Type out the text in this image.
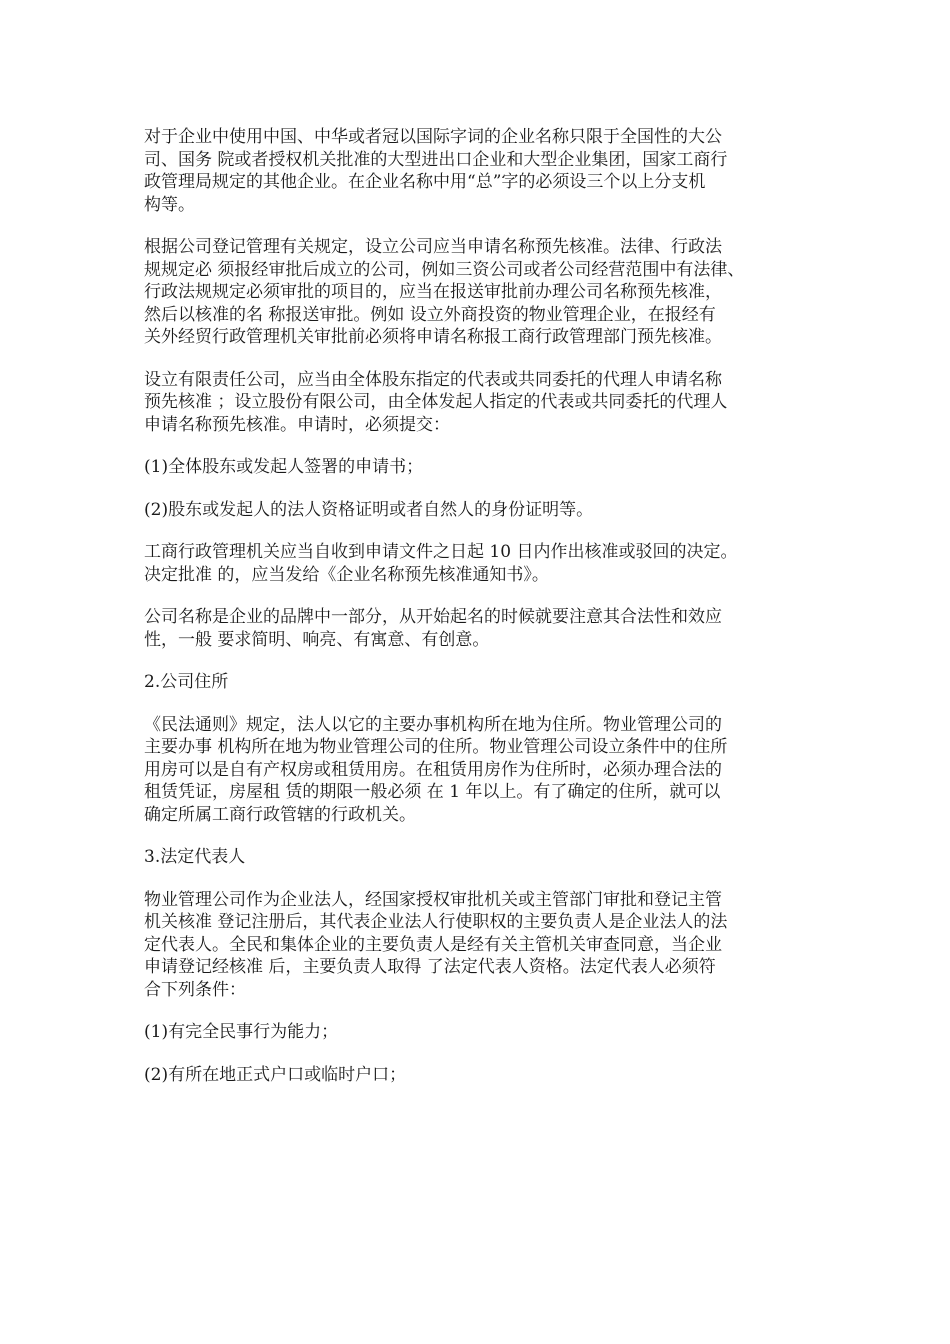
对于企业中使用中国、中华或者冠以国际字词的企业名称只限于全国性的大公
司、国务 院或者授权机关批准的大型进出口企业和大型企业集团，国家工商行
政管理局规定的其他企业。在企业名称中用“总”字的必须设三个以上分支机
构等。

根据公司登记管理有关规定，设立公司应当申请名称预先核准。法律、行政法
规规定必 须报经审批后成立的公司，例如三资公司或者公司经营范围中有法律、
行政法规规定必须审批的项目的，应当在报送审批前办理公司名称预先核准，
然后以核准的名 称报送审批。例如 设立外商投资的物业管理企业，在报经有
关外经贸行政管理机关审批前必须将申请名称报工商行政管理部门预先核准。

设立有限责任公司，应当由全体股东指定的代表或共同委托的代理人申请名称
预先核准 ；设立股份有限公司，由全体发起人指定的代表或共同委托的代理人
申请名称预先核准。申请时，必须提交：

(1)全体股东或发起人签署的申请书；

(2)股东或发起人的法人资格证明或者自然人的身份证明等。

工商行政管理机关应当自收到申请文件之日起 10 日内作出核准或驳回的决定。
决定批准 的，应当发给《企业名称预先核准通知书》。

公司名称是企业的品牌中一部分，从开始起名的时候就要注意其合法性和效应
性，一般 要求简明、响亮、有寓意、有创意。

2.公司住所

《民法通则》规定，法人以它的主要办事机构所在地为住所。物业管理公司的
主要办事 机构所在地为物业管理公司的住所。物业管理公司设立条件中的住所
用房可以是自有产权房或租赁用房。在租赁用房作为住所时，必须办理合法的
租赁凭证，房屋租 赁的期限一般必须 在 1 年以上。有了确定的住所，就可以
确定所属工商行政管辖的行政机关。

3.法定代表人

物业管理公司作为企业法人，经国家授权审批机关或主管部门审批和登记主管
机关核准 登记注册后，其代表企业法人行使职权的主要负责人是企业法人的法
定代表人。全民和集体企业的主要负责人是经有关主管机关审查同意，当企业
申请登记经核准 后，主要负责人取得 了法定代表人资格。法定代表人必须符
合下列条件：

(1)有完全民事行为能力；

(2)有所在地正式户口或临时户口；
